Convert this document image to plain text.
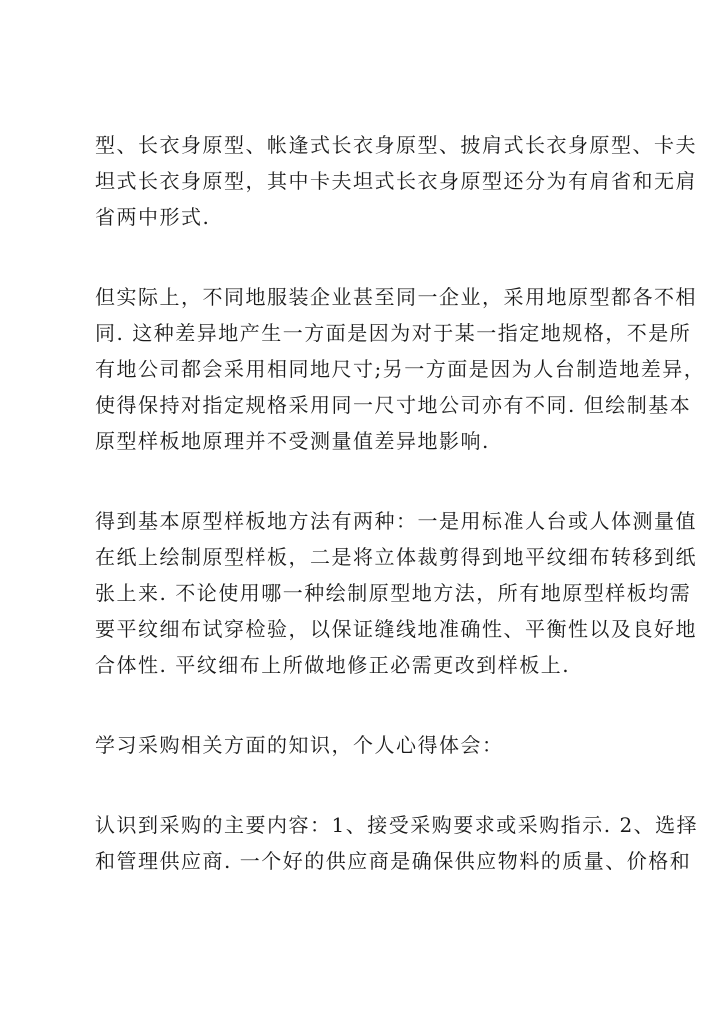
型、长衣身原型、帐逢式长衣身原型、披肩式长衣身原型、卡夫
坦式长衣身原型，其中卡夫坦式长衣身原型还分为有肩省和无肩
省两中形式.

但实际上，不同地服装企业甚至同一企业，采用地原型都各不相
同. 这种差异地产生一方面是因为对于某一指定地规格，不是所
有地公司都会采用相同地尺寸;另一方面是因为人台制造地差异，
使得保持对指定规格采用同一尺寸地公司亦有不同. 但绘制基本
原型样板地原理并不受测量值差异地影响.

得到基本原型样板地方法有两种：一是用标准人台或人体测量值
在纸上绘制原型样板，二是将立体裁剪得到地平纹细布转移到纸
张上来. 不论使用哪一种绘制原型地方法，所有地原型样板均需
要平纹细布试穿检验，以保证缝线地准确性、平衡性以及良好地
合体性. 平纹细布上所做地修正必需更改到样板上.

学习采购相关方面的知识，个人心得体会：

认识到采购的主要内容：1、接受采购要求或采购指示. 2、选择
和管理供应商. 一个好的供应商是确保供应物料的质量、价格和
